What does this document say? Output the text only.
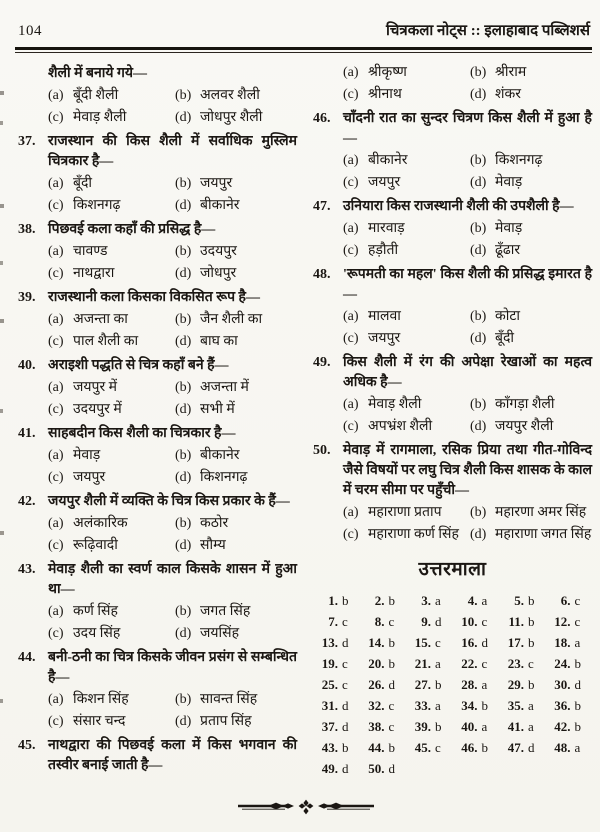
104	चित्रकला नोट्स :: इलाहाबाद पब्लिशर्स
शैली में बनाये गये—
(a) बूँदी शैली	(b) अलवर शैली
(c) मेवाड़ शैली	(d) जोधपुर शैली
37. राजस्थान की किस शैली में सर्वाधिक मुस्लिम चित्रकार है—
(a) बूँदी	(b) जयपुर
(c) किशनगढ़	(d) बीकानेर
38. पिछवई कला कहाँ की प्रसिद्ध है—
(a) चावण्ड	(b) उदयपुर
(c) नाथद्वारा	(d) जोधपुर
39. राजस्थानी कला किसका विकसित रूप है—
(a) अजन्ता का	(b) जैन शैली का
(c) पाल शैली का	(d) बाघ का
40. अराइशी पद्धति से चित्र कहाँ बने हैं—
(a) जयपुर में	(b) अजन्ता में
(c) उदयपुर में	(d) सभी में
41. साहबदीन किस शैली का चित्रकार है—
(a) मेवाड़	(b) बीकानेर
(c) जयपुर	(d) किशनगढ़
42. जयपुर शैली में व्यक्ति के चित्र किस प्रकार के हैं—
(a) अलंकारिक	(b) कठोर
(c) रूढ़िवादी	(d) सौम्य
43. मेवाड़ शैली का स्वर्ण काल किसके शासन में हुआ था—
(a) कर्ण सिंह	(b) जगत सिंह
(c) उदय सिंह	(d) जयसिंह
44. बनी-ठनी का चित्र किसके जीवन प्रसंग से सम्बन्धित है—
(a) किशन सिंह	(b) सावन्त सिंह
(c) संसार चन्द	(d) प्रताप सिंह
45. नाथद्वारा की पिछवई कला में किस भगवान की तस्वीर बनाई जाती है—
(a) श्रीकृष्ण	(b) श्रीराम
(c) श्रीनाथ	(d) शंकर
46. चाँदनी रात का सुन्दर चित्रण किस शैली में हुआ है—
(a) बीकानेर	(b) किशनगढ़
(c) जयपुर	(d) मेवाड़
47. उनियारा किस राजस्थानी शैली की उपशैली है—
(a) मारवाड़	(b) मेवाड़
(c) हड़ौती	(d) ढूँढार
48. 'रूपमती का महल' किस शैली की प्रसिद्ध इमारत है—
(a) मालवा	(b) कोटा
(c) जयपुर	(d) बूँदी
49. किस शैली में रंग की अपेक्षा रेखाओं का महत्व अधिक है—
(a) मेवाड़ शैली	(b) काँगड़ा शैली
(c) अपभ्रंश शैली	(d) जयपुर शैली
50. मेवाड़ में रागमाला, रसिक प्रिया तथा गीत-गोविन्द जैसे विषयों पर लघु चित्र शैली किस शासक के काल में चरम सीमा पर पहुँची—
(a) महाराणा प्रताप	(b) महारणा अमर सिंह
(c) महाराणा कर्ण सिंह (d) महाराणा जगत सिंह
उत्तरमाला
1. b	2. b	3. a	4. a	5. b	6. c
7. c	8. c	9. d	10. c	11. b	12. c
13. d	14. b	15. c	16. d	17. b	18. a
19. c	20. b	21. a	22. c	23. c	24. b
25. c	26. d	27. b	28. a	29. b	30. d
31. d	32. c	33. a	34. b	35. a	36. b
37. d	38. c	39. b	40. a	41. a	42. b
43. b	44. b	45. c	46. b	47. d	48. a
49. d	50. d
